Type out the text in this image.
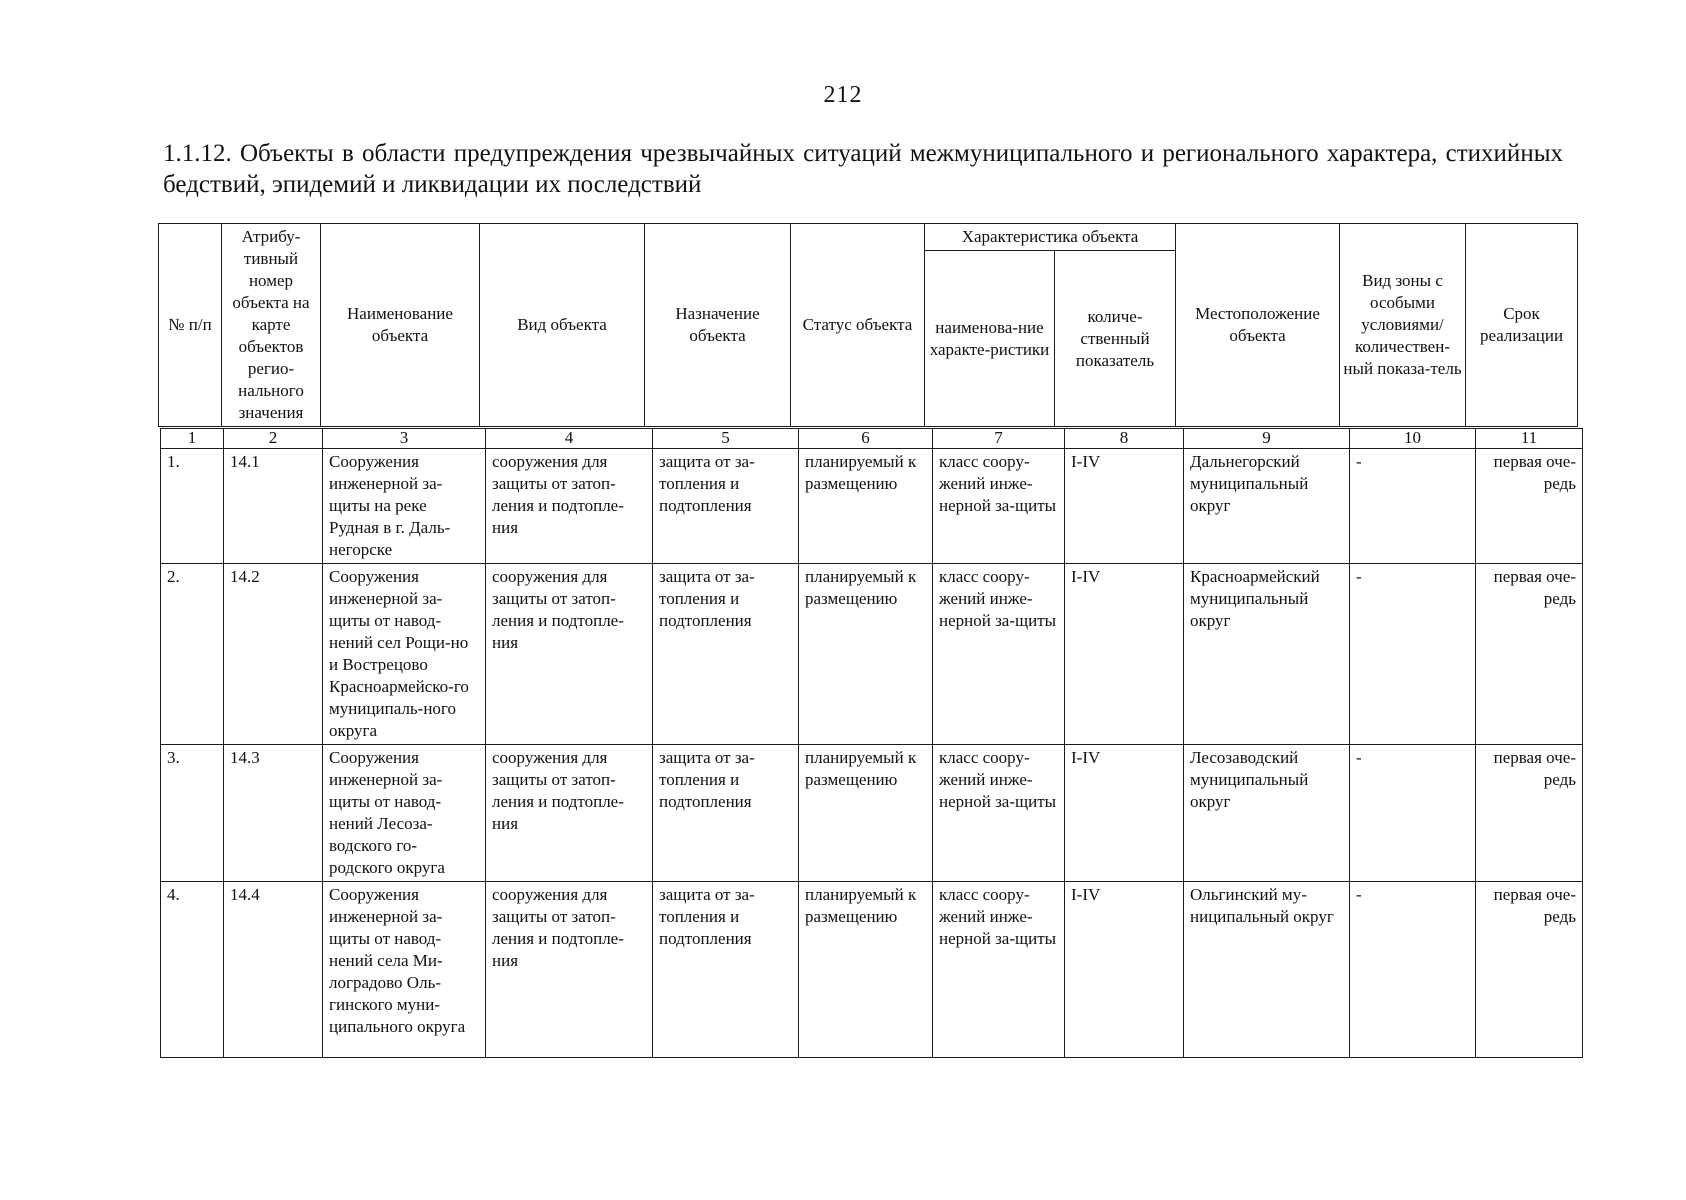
212
1.1.12. Объекты в области предупреждения чрезвычайных ситуаций межмуниципального и регионального характера, стихийных бедствий, эпидемий и ликвидации их последствий
№ п/п	Атрибу-тивный номер объекта на карте объектов регио-нального значения	Наименование объекта	Вид объекта	Назначение объекта	Статус объекта	Характеристика объекта		Местоположение объекта	Вид зоны с особыми условиями/ количествен-ный показа-тель	Срок реализации
						наименова-ние характе-ристики	количе-ственный показатель			
1	2	3	4	5	6	7	8	9	10	11
1.	14.1	Сооружения инженерной за-щиты на реке Рудная в г. Даль-негорске	сооружения для защиты от затоп-ления и подтопле-ния	защита от за-топления и подтопления	планируемый к размещению	класс соору-жений инже-нерной за-щиты	I-IV	Дальнегорский муниципальный округ	-	первая оче-редь
2.	14.2	Сооружения инженерной за-щиты от навод-нений сел Рощи-но и Вострецово Красноармейско-го муниципаль-ного округа	сооружения для защиты от затоп-ления и подтопле-ния	защита от за-топления и подтопления	планируемый к размещению	класс соору-жений инже-нерной за-щиты	I-IV	Красноармейский муниципальный округ	-	первая оче-редь
3.	14.3	Сооружения инженерной за-щиты от навод-нений Лесоза-водского го-родского округа	сооружения для защиты от затоп-ления и подтопле-ния	защита от за-топления и подтопления	планируемый к размещению	класс соору-жений инже-нерной за-щиты	I-IV	Лесозаводский муниципальный округ	-	первая оче-редь
4.	14.4	Сооружения инженерной за-щиты от навод-нений села Ми-лоградово Оль-гинского муни-ципального округа	сооружения для защиты от затоп-ления и подтопле-ния	защита от за-топления и подтопления	планируемый к размещению	класс соору-жений инже-нерной за-щиты	I-IV	Ольгинский му-ниципальный округ	-	первая оче-редь
